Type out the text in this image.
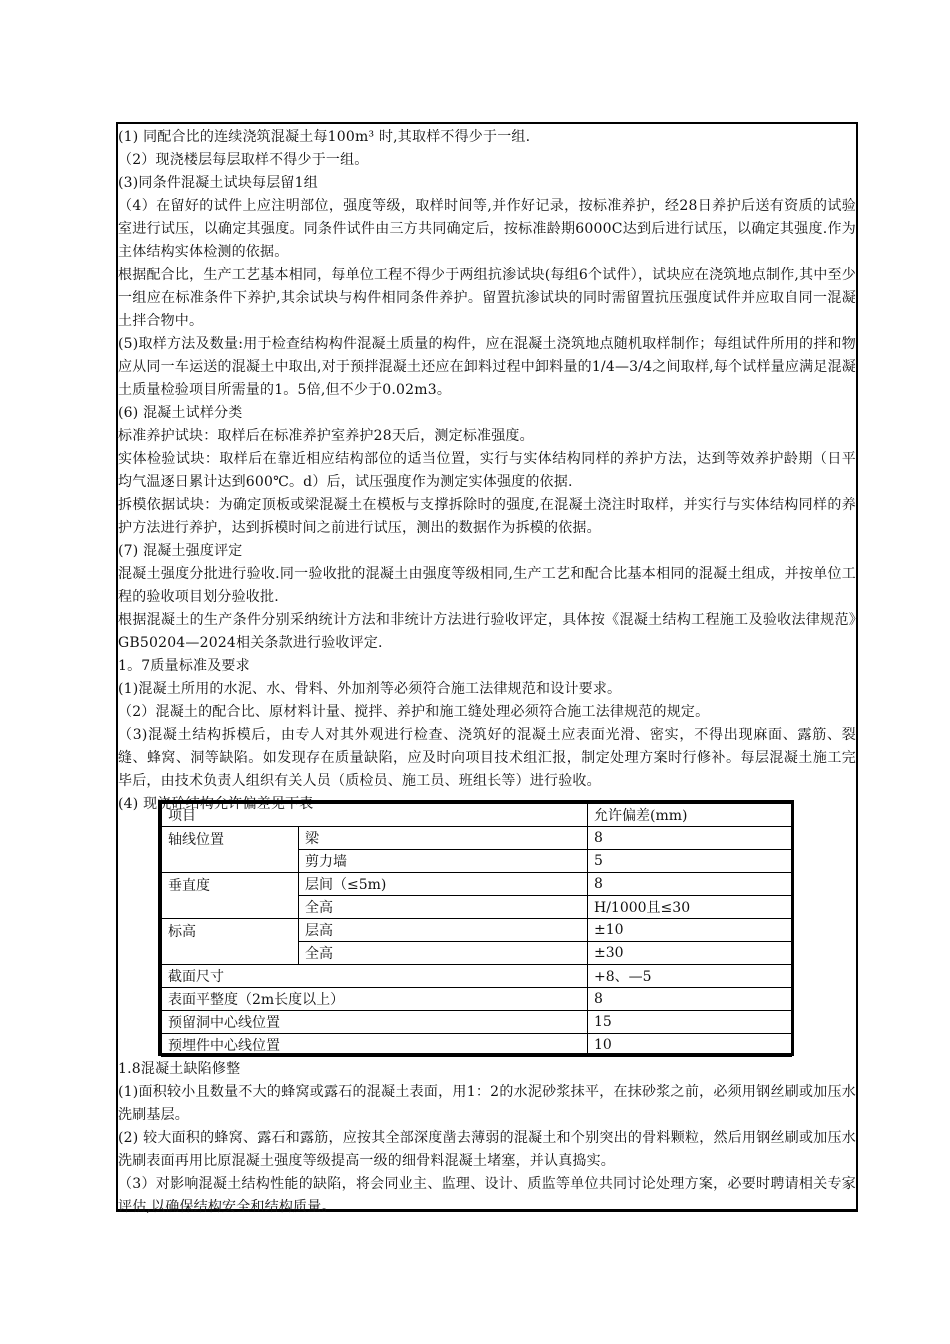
(1) 同配合比的连续浇筑混凝土每100m³ 时,其取样不得少于一组.

（2）现浇楼层每层取样不得少于一组。

(3)同条件混凝土试块每层留1组

（4）在留好的试件上应注明部位，强度等级，取样时间等,并作好记录，按标准养护，经28日养护后送有资质的试验室进行试压，以确定其强度。同条件试件由三方共同确定后，按标准龄期6000C达到后进行试压，以确定其强度.作为主体结构实体检测的依据。

根据配合比，生产工艺基本相同，每单位工程不得少于两组抗渗试块(每组6个试件），试块应在浇筑地点制作,其中至少一组应在标准条件下养护,其余试块与构件相同条件养护。留置抗渗试块的同时需留置抗压强度试件并应取自同一混凝土拌合物中。

(5)取样方法及数量:用于检查结构构件混凝土质量的构件，应在混凝土浇筑地点随机取样制作；每组试件所用的拌和物应从同一车运送的混凝土中取出,对于预拌混凝土还应在卸料过程中卸料量的1/4—3/4之间取样,每个试样量应满足混凝土质量检验项目所需量的1。5倍,但不少于0.02m3。

(6) 混凝土试样分类

标准养护试块：取样后在标准养护室养护28天后，测定标准强度。

实体检验试块：取样后在靠近相应结构部位的适当位置，实行与实体结构同样的养护方法，达到等效养护龄期（日平均气温逐日累计达到600℃。d）后，试压强度作为测定实体强度的依据.

拆模依据试块：为确定顶板或梁混凝土在模板与支撑拆除时的强度,在混凝土浇注时取样，并实行与实体结构同样的养护方法进行养护，达到拆模时间之前进行试压，测出的数据作为拆模的依据。

(7) 混凝土强度评定

混凝土强度分批进行验收.同一验收批的混凝土由强度等级相同,生产工艺和配合比基本相同的混凝土组成，并按单位工程的验收项目划分验收批.

根据混凝土的生产条件分别采纳统计方法和非统计方法进行验收评定，具体按《混凝土结构工程施工及验收法律规范》GB50204—2024相关条款进行验收评定.

1。7质量标准及要求

(1)混凝土所用的水泥、水、骨料、外加剂等必须符合施工法律规范和设计要求。

（2）混凝土的配合比、原材料计量、搅拌、养护和施工缝处理必须符合施工法律规范的规定。

（3)混凝土结构拆模后，由专人对其外观进行检查、浇筑好的混凝土应表面光滑、密实，不得出现麻面、露筋、裂缝、蜂窝、洞等缺陷。如发现存在质量缺陷，应及时向项目技术组汇报，制定处理方案时行修补。每层混凝土施工完毕后，由技术负责人组织有关人员（质检员、施工员、班组长等）进行验收。

(4) 现浇砼结构允许偏差见下表

项目		允许偏差(mm)
轴线位置	梁	8
	剪力墙	5
垂直度	层间（≤5m)	8
	全高	H/1000且≤30
标高	层高	±10
	全高	±30
截面尺寸		+8、—5
表面平整度（2m长度以上）		8
预留洞中心线位置		15
预埋件中心线位置		10

1.8混凝土缺陷修整

(1)面积较小且数量不大的蜂窝或露石的混凝土表面，用1：2的水泥砂浆抹平，在抹砂浆之前，必须用钢丝刷或加压水洗刷基层。

(2) 较大面积的蜂窝、露石和露筋，应按其全部深度凿去薄弱的混凝土和个别突出的骨料颗粒，然后用钢丝刷或加压水洗刷表面再用比原混凝土强度等级提高一级的细骨料混凝土堵塞，并认真捣实。

（3）对影响混凝土结构性能的缺陷，将会同业主、监理、设计、质监等单位共同讨论处理方案，必要时聘请相关专家评估,以确保结构安全和结构质量。
